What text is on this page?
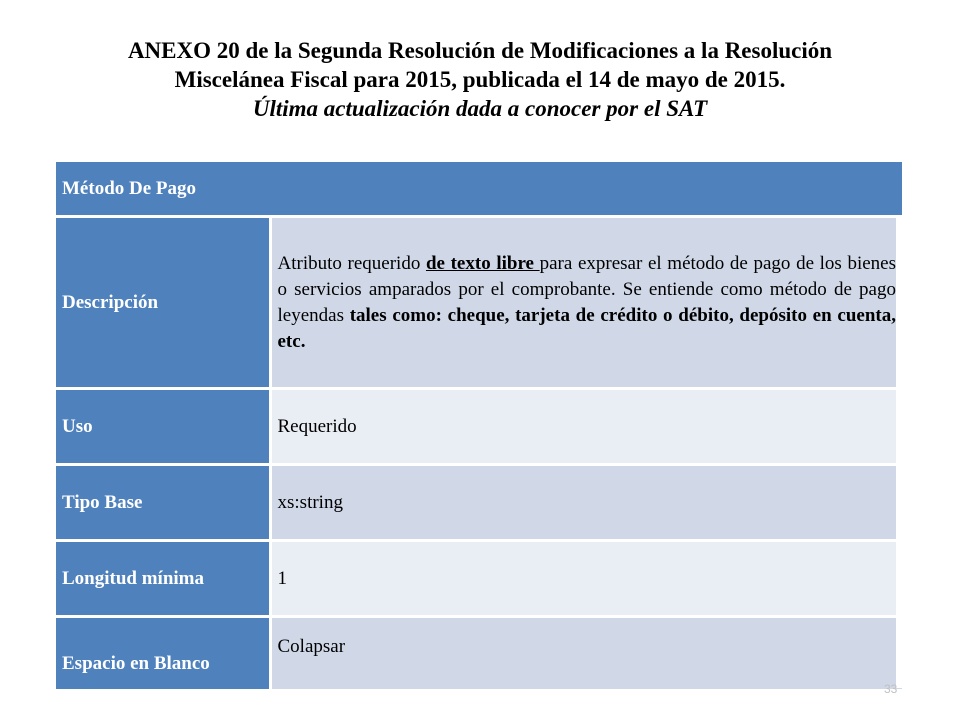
ANEXO 20 de la Segunda Resolución de Modificaciones a la Resolución
Miscelánea Fiscal para 2015, publicada el 14 de mayo de 2015.
Última actualización dada a conocer por el SAT
Método De Pago	
Descripción	Atributo requerido de texto libre para expresar el método de pago de los bienes o servicios amparados por el comprobante. Se entiende como método de pago leyendas tales como: cheque, tarjeta de crédito o débito, depósito en cuenta, etc.
Uso	Requerido
Tipo Base	xs:string
Longitud mínima	1
Espacio en Blanco	Colapsar
33
